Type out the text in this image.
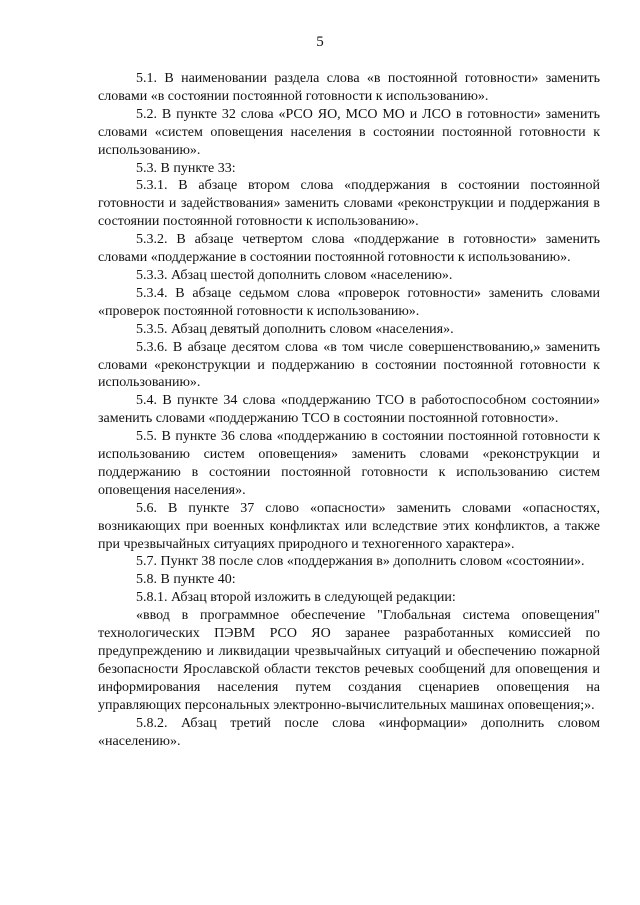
5

5.1. В наименовании раздела слова «в постоянной готовности» заменить словами «в состоянии постоянной готовности к использованию».

5.2. В пункте 32 слова «РСО ЯО, МСО МО и ЛСО в готовности» заменить словами «систем оповещения населения в состоянии постоянной готовности к использованию».

5.3. В пункте 33:

5.3.1. В абзаце втором слова «поддержания в состоянии постоянной готовности и задействования» заменить словами «реконструкции и поддержания в состоянии постоянной готовности к использованию».

5.3.2. В абзаце четвертом слова «поддержание в готовности» заменить словами «поддержание в состоянии постоянной готовности к использованию».

5.3.3. Абзац шестой дополнить словом «населению».

5.3.4. В абзаце седьмом слова «проверок готовности» заменить словами «проверок постоянной готовности к использованию».

5.3.5. Абзац девятый дополнить словом «населения».

5.3.6. В абзаце десятом слова «в том числе совершенствованию,» заменить словами «реконструкции и поддержанию в состоянии постоянной готовности к использованию».

5.4. В пункте 34 слова «поддержанию ТСО в работоспособном состоянии» заменить словами «поддержанию ТСО в состоянии постоянной готовности».

5.5. В пункте 36 слова «поддержанию в состоянии постоянной готовности к использованию систем оповещения» заменить словами «реконструкции и поддержанию в состоянии постоянной готовности к использованию систем оповещения населения».

5.6. В пункте 37 слово «опасности» заменить словами «опасностях, возникающих при военных конфликтах или вследствие этих конфликтов, а также при чрезвычайных ситуациях природного и техногенного характера».

5.7. Пункт 38 после слов «поддержания в» дополнить словом «состоянии».

5.8. В пункте 40:

5.8.1. Абзац второй изложить в следующей редакции:

«ввод в программное обеспечение "Глобальная система оповещения" технологических ПЭВМ РСО ЯО заранее разработанных комиссией по предупреждению и ликвидации чрезвычайных ситуаций и обеспечению пожарной безопасности Ярославской области текстов речевых сообщений для оповещения и информирования населения путем создания сценариев оповещения на управляющих персональных электронно-вычислительных машинах оповещения;».

5.8.2. Абзац третий после слова «информации» дополнить словом «населению».
